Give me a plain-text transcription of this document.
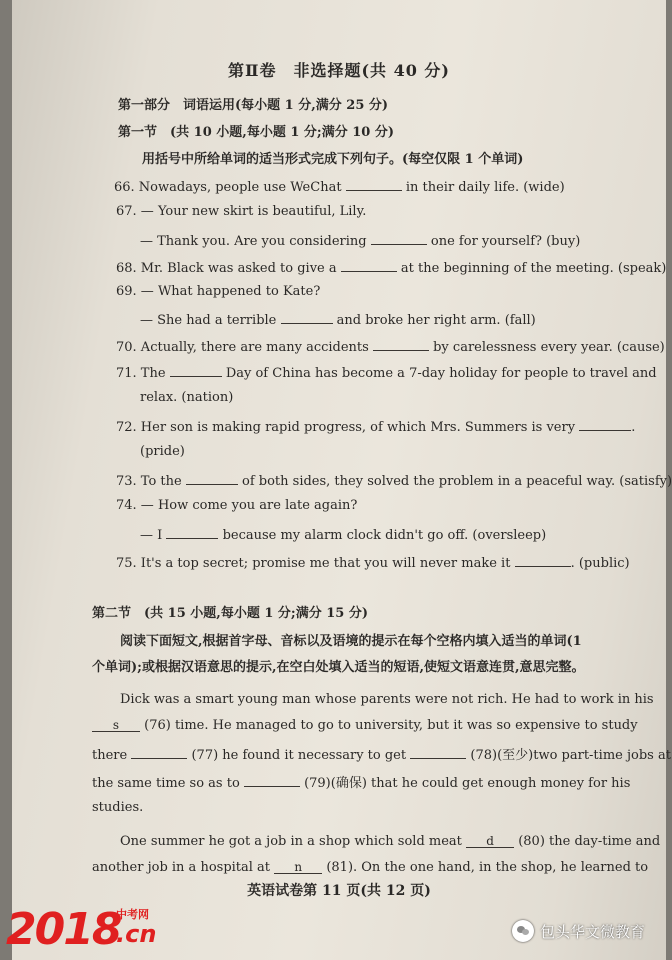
第Ⅱ卷　非选择题(共 40 分)
第一部分　词语运用(每小题 1 分,满分 25 分)
第一节　(共 10 小题,每小题 1 分;满分 10 分)
用括号中所给单词的适当形式完成下列句子。(每空仅限 1 个单词)
66. Nowadays, people use WeChat	in their daily life. (wide)
67. — Your new skirt is beautiful, Lily.
— Thank you. Are you considering	one for yourself? (buy)
68. Mr. Black was asked to give a	at the beginning of the meeting. (speak)
69. — What happened to Kate?
— She had a terrible	and broke her right arm. (fall)
70. Actually, there are many accidents	by carelessness every year. (cause)
71. The	Day of China has become a 7-day holiday for people to travel and
relax. (nation)
72. Her son is making rapid progress, of which Mrs. Summers is very	.
(pride)
73. To the	of both sides, they solved the problem in a peaceful way. (satisfy)
74. — How come you are late again?
— I	because my alarm clock didn't go off. (oversleep)
75. It's a top secret; promise me that you will never make it	. (public)
第二节　(共 15 小题,每小题 1 分;满分 15 分)
阅读下面短文,根据首字母、音标以及语境的提示在每个空格内填入适当的单词(1
个单词);或根据汉语意思的提示,在空白处填入适当的短语,使短文语意连贯,意思完整。
Dick was a smart young man whose parents were not rich. He had to work in his
s (76) time. He managed to go to university, but it was so expensive to study
there	(77) he found it necessary to get	(78)(至少)two part-time jobs at
the same time so as to	(79)(确保) that he could get enough money for his
studies.
One summer he got a job in a shop which sold meat d (80) the day-time and
another job in a hospital at n (81). On the one hand, in the shop, he learned to
英语试卷第 11 页(共 12 页)
2018
中考网
.cn	包头华文微教育
